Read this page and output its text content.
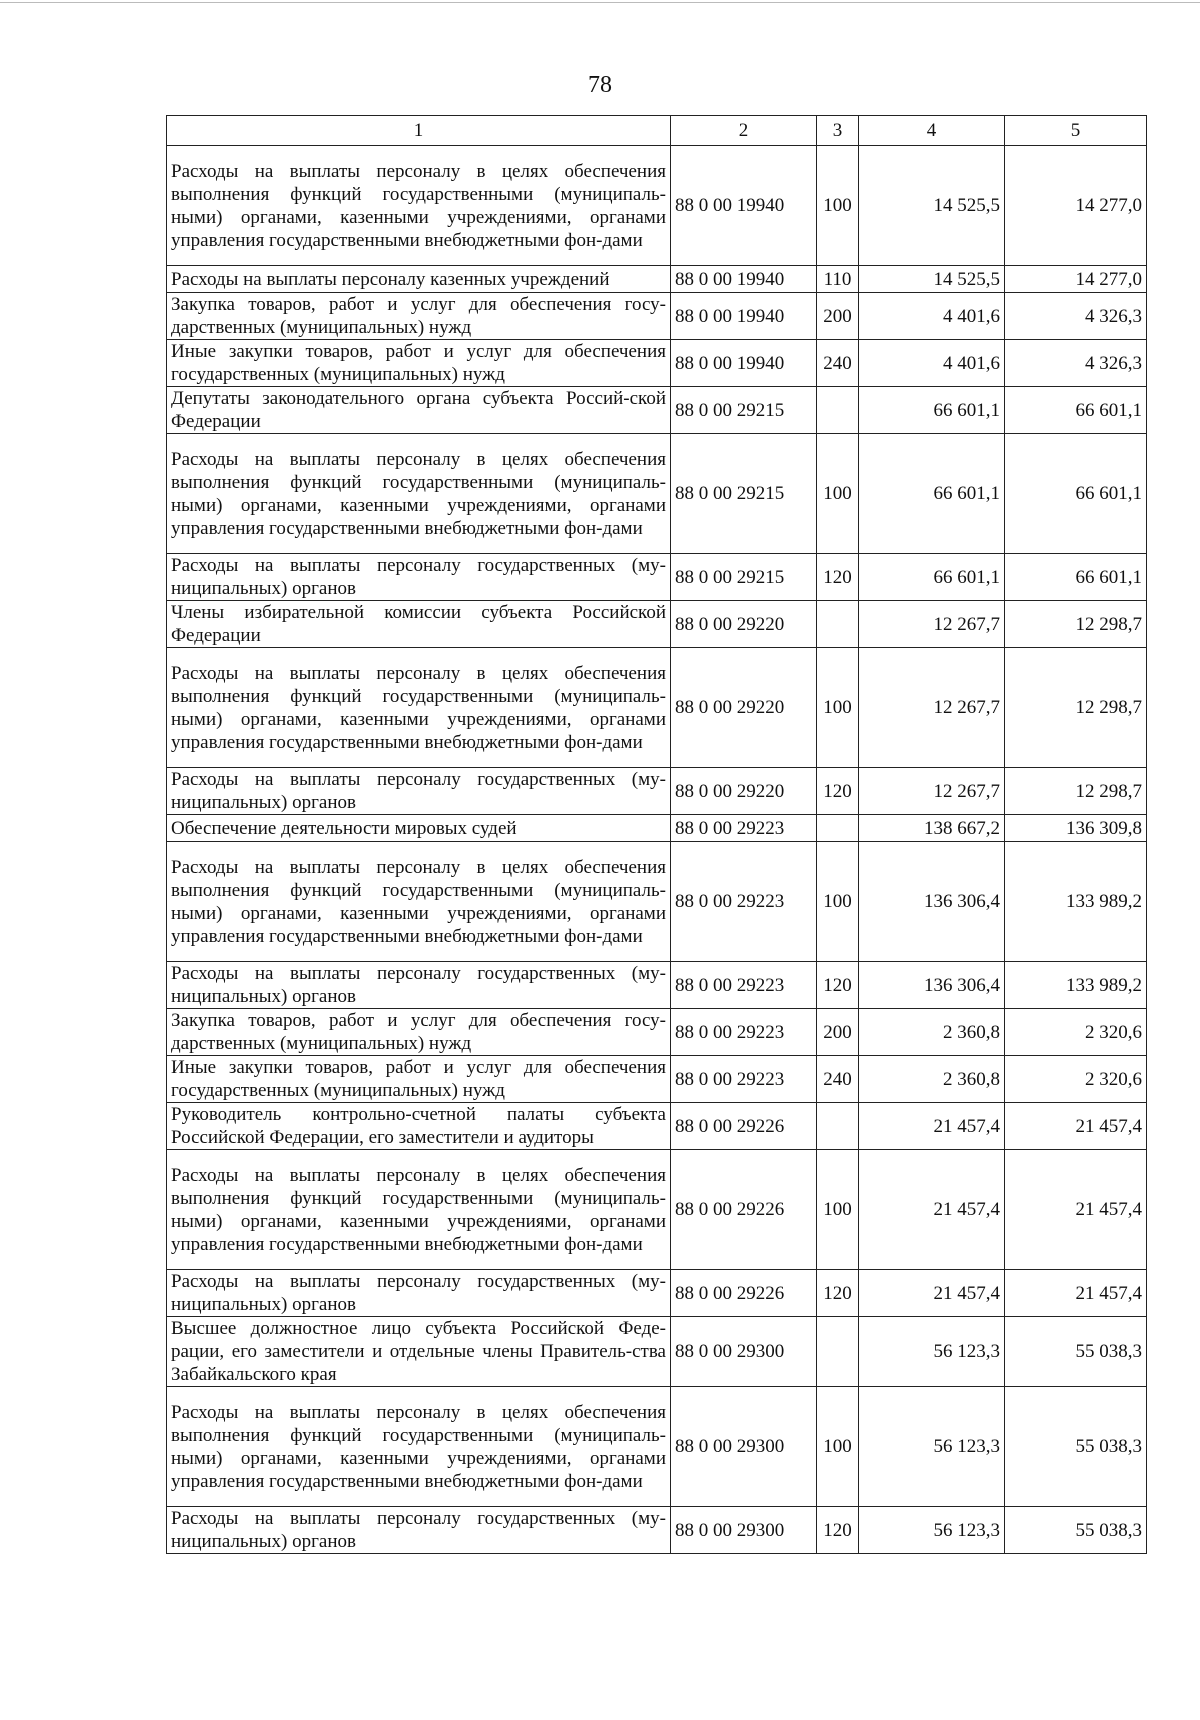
78
1	2	3	4	5
Расходы на выплаты персоналу в целях обеспечения выполнения функций государственными (муниципаль-ными) органами, казенными учреждениями, органами управления государственными внебюджетными фон-дами	88 0 00 19940	100	14 525,5	14 277,0
Расходы на выплаты персоналу казенных учреждений	88 0 00 19940	110	14 525,5	14 277,0
Закупка товаров, работ и услуг для обеспечения госу-дарственных (муниципальных) нужд	88 0 00 19940	200	4 401,6	4 326,3
Иные закупки товаров, работ и услуг для обеспечения государственных (муниципальных) нужд	88 0 00 19940	240	4 401,6	4 326,3
Депутаты законодательного органа субъекта Россий-ской Федерации	88 0 00 29215		66 601,1	66 601,1
Расходы на выплаты персоналу в целях обеспечения выполнения функций государственными (муниципаль-ными) органами, казенными учреждениями, органами управления государственными внебюджетными фон-дами	88 0 00 29215	100	66 601,1	66 601,1
Расходы на выплаты персоналу государственных (му-ниципальных) органов	88 0 00 29215	120	66 601,1	66 601,1
Члены избирательной комиссии субъекта Российской Федерации	88 0 00 29220		12 267,7	12 298,7
Расходы на выплаты персоналу в целях обеспечения выполнения функций государственными (муниципаль-ными) органами, казенными учреждениями, органами управления государственными внебюджетными фон-дами	88 0 00 29220	100	12 267,7	12 298,7
Расходы на выплаты персоналу государственных (му-ниципальных) органов	88 0 00 29220	120	12 267,7	12 298,7
Обеспечение деятельности мировых судей	88 0 00 29223		138 667,2	136 309,8
Расходы на выплаты персоналу в целях обеспечения выполнения функций государственными (муниципаль-ными) органами, казенными учреждениями, органами управления государственными внебюджетными фон-дами	88 0 00 29223	100	136 306,4	133 989,2
Расходы на выплаты персоналу государственных (му-ниципальных) органов	88 0 00 29223	120	136 306,4	133 989,2
Закупка товаров, работ и услуг для обеспечения госу-дарственных (муниципальных) нужд	88 0 00 29223	200	2 360,8	2 320,6
Иные закупки товаров, работ и услуг для обеспечения государственных (муниципальных) нужд	88 0 00 29223	240	2 360,8	2 320,6
Руководитель контрольно-счетной палаты субъекта Российской Федерации, его заместители и аудиторы	88 0 00 29226		21 457,4	21 457,4
Расходы на выплаты персоналу в целях обеспечения выполнения функций государственными (муниципаль-ными) органами, казенными учреждениями, органами управления государственными внебюджетными фон-дами	88 0 00 29226	100	21 457,4	21 457,4
Расходы на выплаты персоналу государственных (му-ниципальных) органов	88 0 00 29226	120	21 457,4	21 457,4
Высшее должностное лицо субъекта Российской Феде-рации, его заместители и отдельные члены Правитель-ства Забайкальского края	88 0 00 29300		56 123,3	55 038,3
Расходы на выплаты персоналу в целях обеспечения выполнения функций государственными (муниципаль-ными) органами, казенными учреждениями, органами управления государственными внебюджетными фон-дами	88 0 00 29300	100	56 123,3	55 038,3
Расходы на выплаты персоналу государственных (му-ниципальных) органов	88 0 00 29300	120	56 123,3	55 038,3
